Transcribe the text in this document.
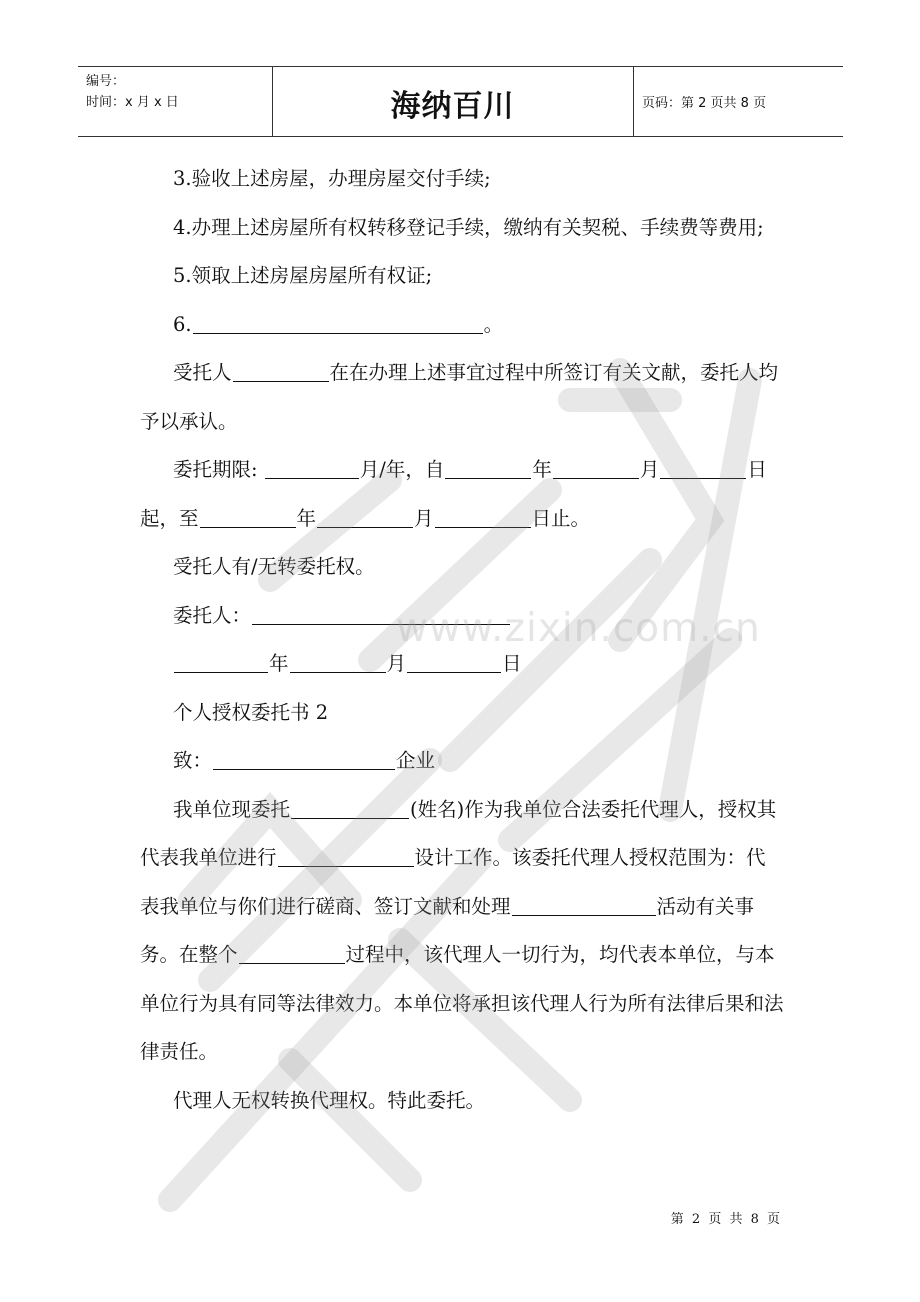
编号：
时间：x 月 x 日	海纳百川	页码：第 2 页共 8 页

3.验收上述房屋，办理房屋交付手续;

4.办理上述房屋所有权转移登记手续，缴纳有关契税、手续费等费用;

5.领取上述房屋房屋所有权证;

6.	。

受托人	在在办理上述事宜过程中所签订有关文献，委托人均予以承认。

委托期限:	月/年，自	年	月	日起，至	年	月	日止。

受托人有/无转委托权。

委托人：

年	月	日

个人授权委托书 2

致：	企业

我单位现委托	(姓名)作为我单位合法委托代理人，授权其代表我单位进行	设计工作。该委托代理人授权范围为：代表我单位与你们进行磋商、签订文献和处理	活动有关事务。在整个	过程中，该代理人一切行为，均代表本单位，与本单位行为具有同等法律效力。本单位将承担该代理人行为所有法律后果和法律责任。

代理人无权转换代理权。特此委托。

www.zixin.com.cn
第 2 页 共 8 页
